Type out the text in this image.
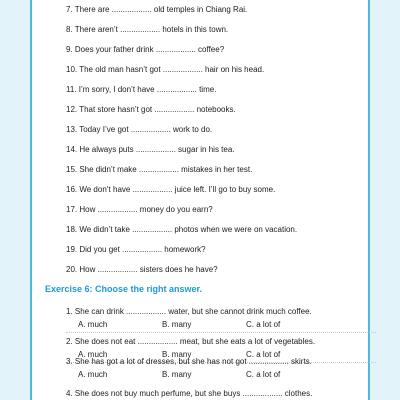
7. There are .................. old temples in Chiang Rai.
8. There aren’t .................. hotels in this town.
9. Does your father drink .................. coffee?
10. The old man hasn’t got .................. hair on his head.
11. I’m sorry, I don’t have .................. time.
12. That store hasn’t got .................. notebooks.
13. Today I’ve got .................. work to do.
14. He always puts .................. sugar in his tea.
15. She didn’t make .................. mistakes in her test.
16. We don’t have .................. juice left. I’ll go to buy some.
17. How .................. money do you earn?
18. We didn’t take .................. photos when we were on vacation.
19. Did you get .................. homework?
20. How .................. sisters does he have?
Exercise 6: Choose the right answer.
1. She can drink .................. water, but she cannot drink much coffee.
A. much	B. many	C. a lot of
2. She does not eat .................. meat, but she eats a lot of vegetables.
A. much	B. many	C. a lot of
3. She has got a lot of dresses, but she has not got .................. skirts.
A. much	B. many	C. a lot of
4. She does not buy much perfume, but she buys .................. clothes.
